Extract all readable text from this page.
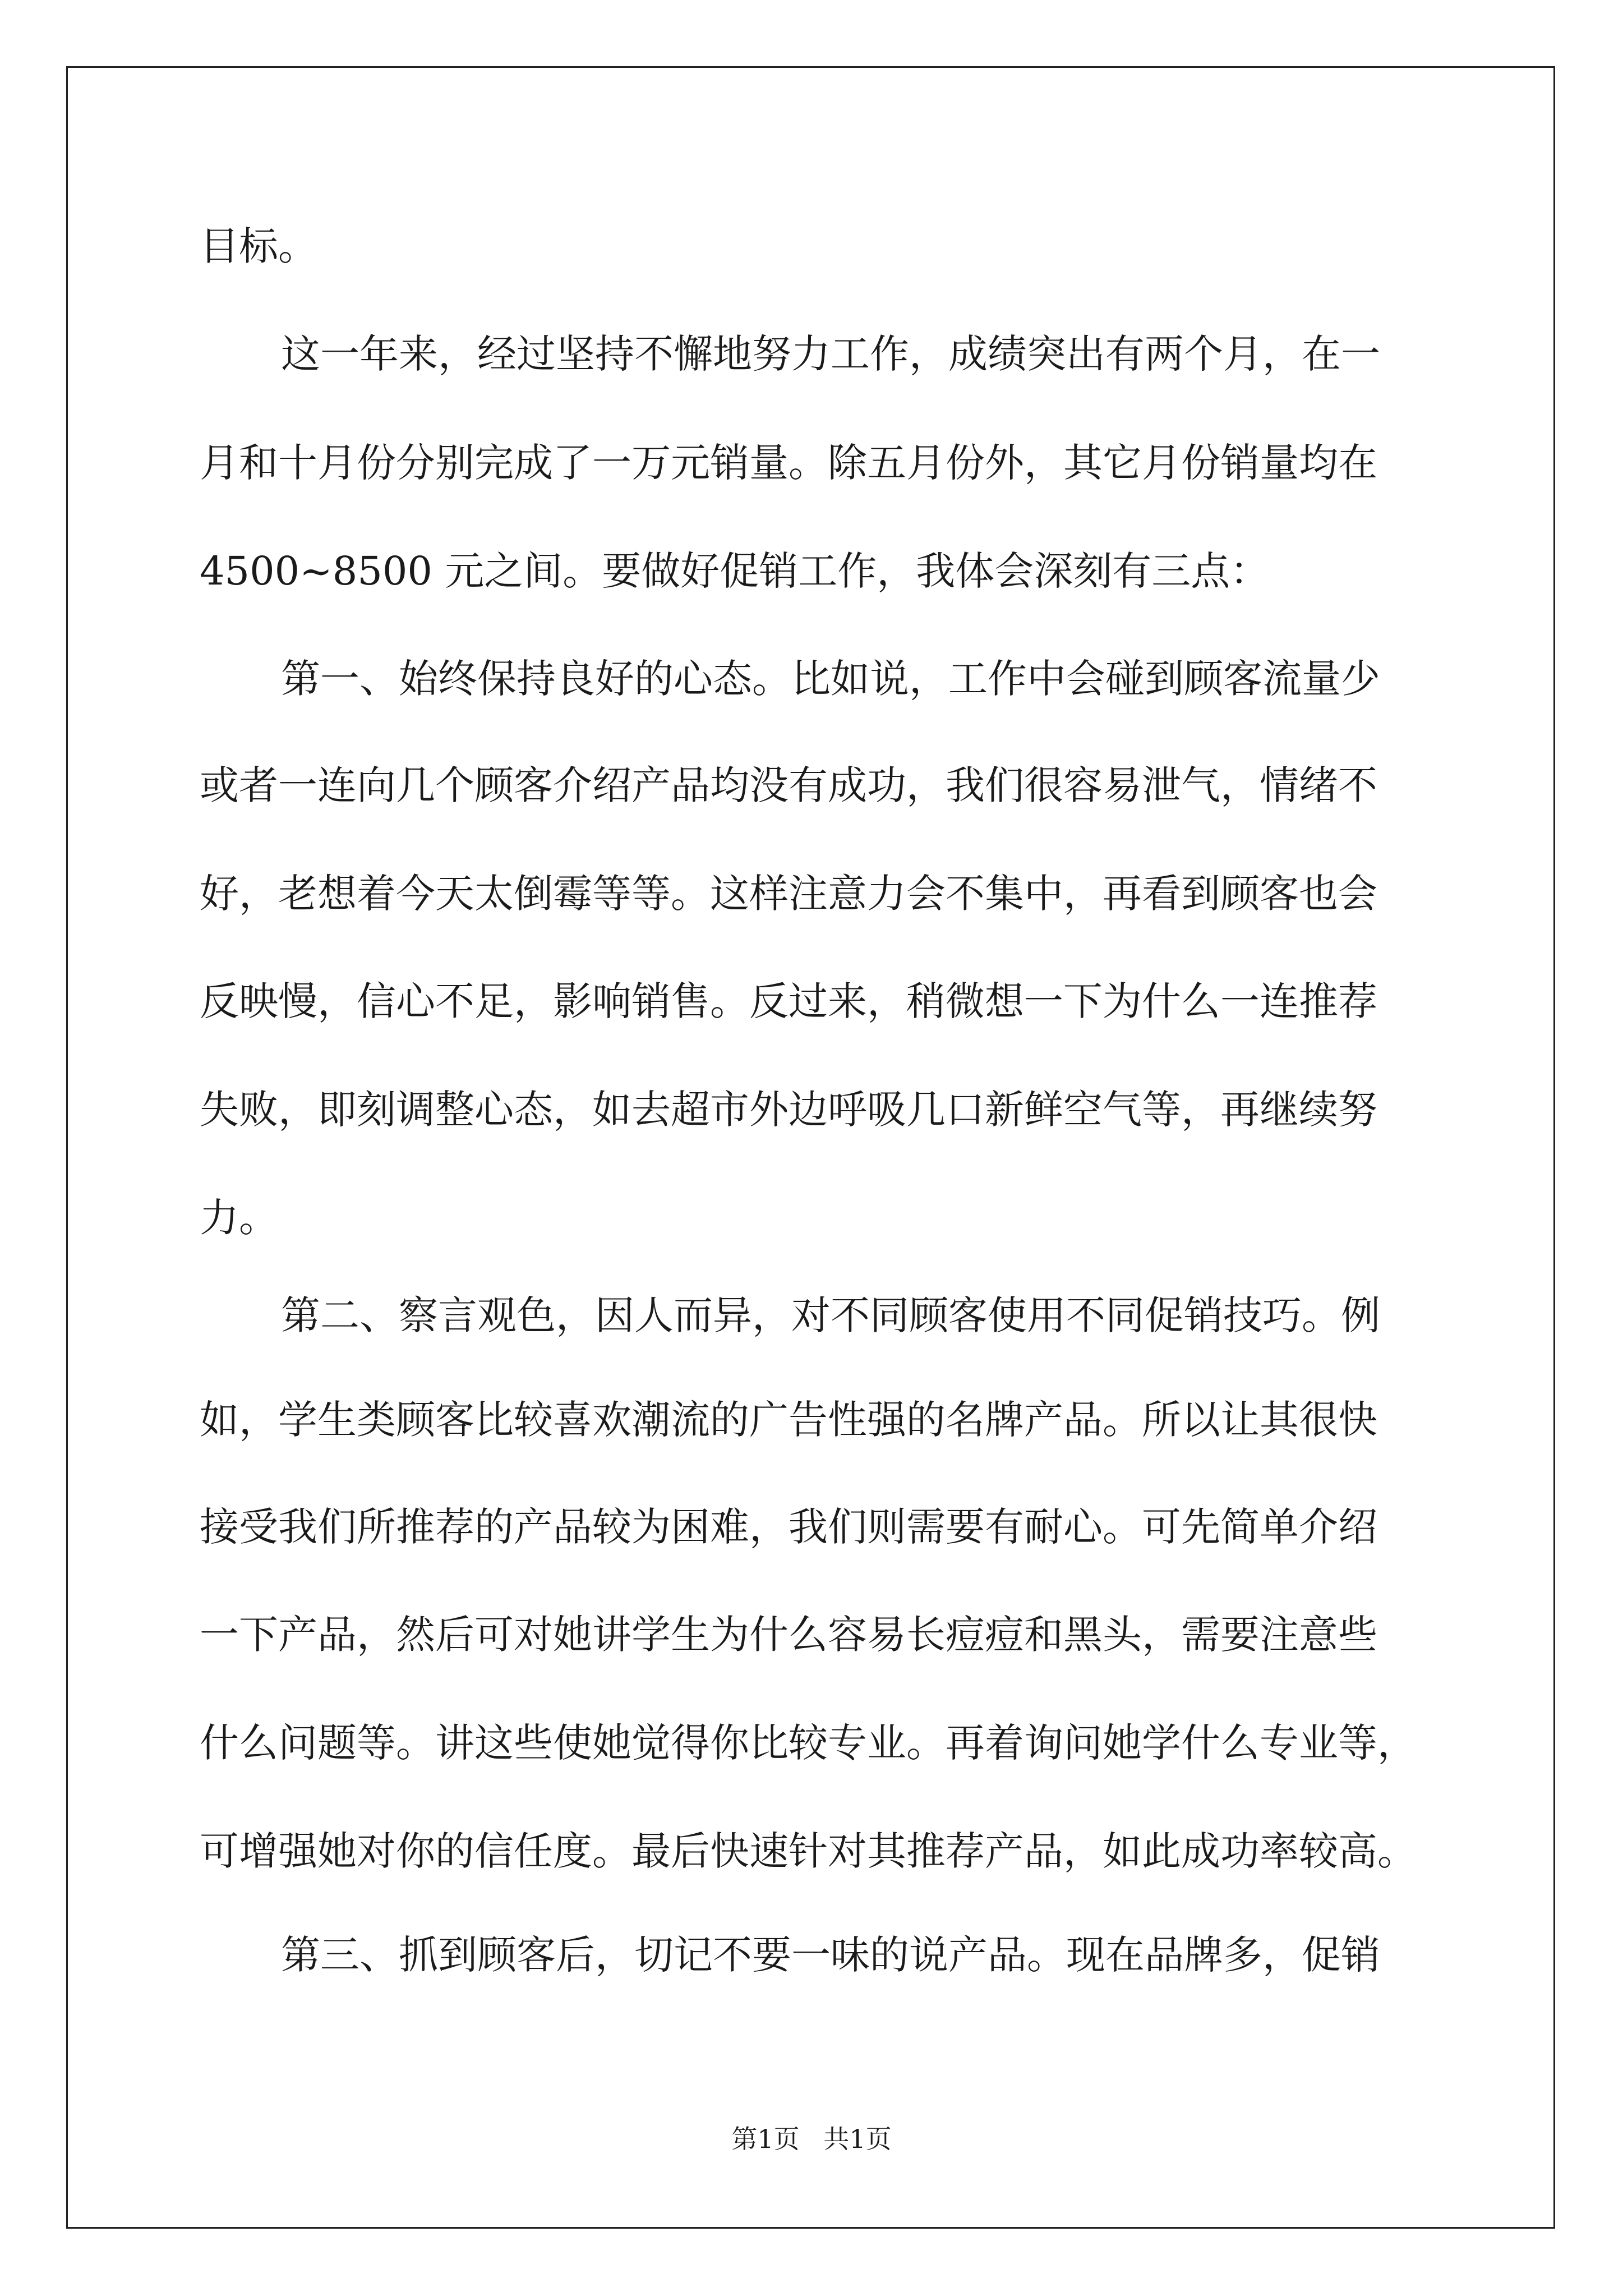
目标。
这一年来，经过坚持不懈地努力工作，成绩突出有两个月，在一
月和十月份分别完成了一万元销量。除五月份外，其它月份销量均在
4500~8500 元之间。要做好促销工作，我体会深刻有三点：
第一、始终保持良好的心态。比如说，工作中会碰到顾客流量少
或者一连向几个顾客介绍产品均没有成功，我们很容易泄气，情绪不
好，老想着今天太倒霉等等。这样注意力会不集中，再看到顾客也会
反映慢，信心不足，影响销售。反过来，稍微想一下为什么一连推荐
失败，即刻调整心态，如去超市外边呼吸几口新鲜空气等，再继续努
力。
第二、察言观色，因人而异，对不同顾客使用不同促销技巧。例
如，学生类顾客比较喜欢潮流的广告性强的名牌产品。所以让其很快
接受我们所推荐的产品较为困难，我们则需要有耐心。可先简单介绍
一下产品，然后可对她讲学生为什么容易长痘痘和黑头，需要注意些
什么问题等。讲这些使她觉得你比较专业。再着询问她学什么专业等，
可增强她对你的信任度。最后快速针对其推荐产品，如此成功率较高。
第三、抓到顾客后，切记不要一味的说产品。现在品牌多，促销
第1页 共1页
